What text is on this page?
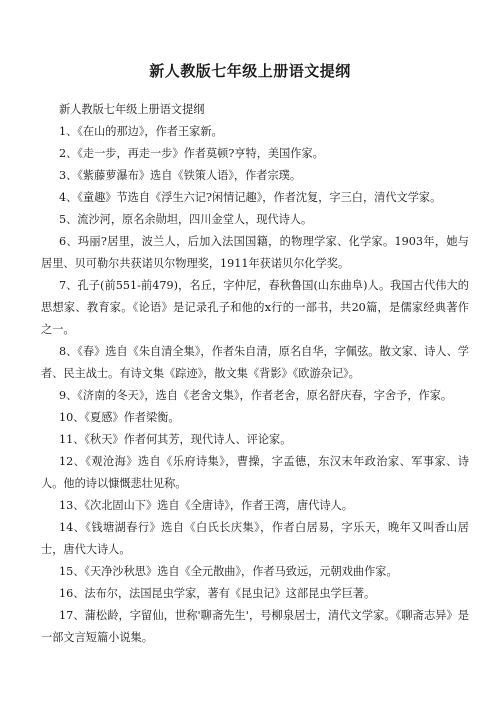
新人教版七年级上册语文提纲

新人教版七年级上册语文提纲

1、《在山的那边》，作者王家新。

2、《走一步，再走一步》作者莫顿?亨特，美国作家。

3、《紫藤萝瀑布》选自《铁策人语》，作者宗璞。

4、《童趣》节选自《浮生六记?闲情记趣》，作者沈复，字三白，清代文学家。

5、流沙河，原名余勋坦，四川金堂人，现代诗人。

6、玛丽?居里，波兰人，后加入法国国籍，的物理学家、化学家。1903年，她与居里、贝可勒尔共获诺贝尔物理奖，1911年获诺贝尔化学奖。

7、孔子(前551-前479)，名丘，字仲尼，春秋鲁国(山东曲阜)人。我国古代伟大的思想家、教育家。《论语》是记录孔子和他的x行的一部书，共20篇，是儒家经典著作之一。

8、《春》选自《朱自清全集》，作者朱自清，原名自华，字佩弦。散文家、诗人、学者、民主战士。有诗文集《踪迹》，散文集《背影》《欧游杂记》。

9、《济南的冬天》，选自《老舍文集》，作者老舍，原名舒庆春，字舍予，作家。

10、《夏感》作者梁衡。

11、《秋天》作者何其芳，现代诗人、评论家。

12、《观沧海》选自《乐府诗集》，曹操，字孟德，东汉末年政治家、军事家、诗人。他的诗以慷慨悲壮见称。

13、《次北固山下》选自《全唐诗》，作者王湾，唐代诗人。

14、《钱塘湖春行》选自《白氏长庆集》，作者白居易，字乐天，晚年又叫香山居士，唐代大诗人。

15、《天净沙秋思》选自《全元散曲》，作者马致远，元朝戏曲作家。

16、法布尔，法国昆虫学家，著有《昆虫记》这部昆虫学巨著。

17、蒲松龄，字留仙，世称'聊斋先生'，号柳泉居士，清代文学家。《聊斋志异》是一部文言短篇小说集。
